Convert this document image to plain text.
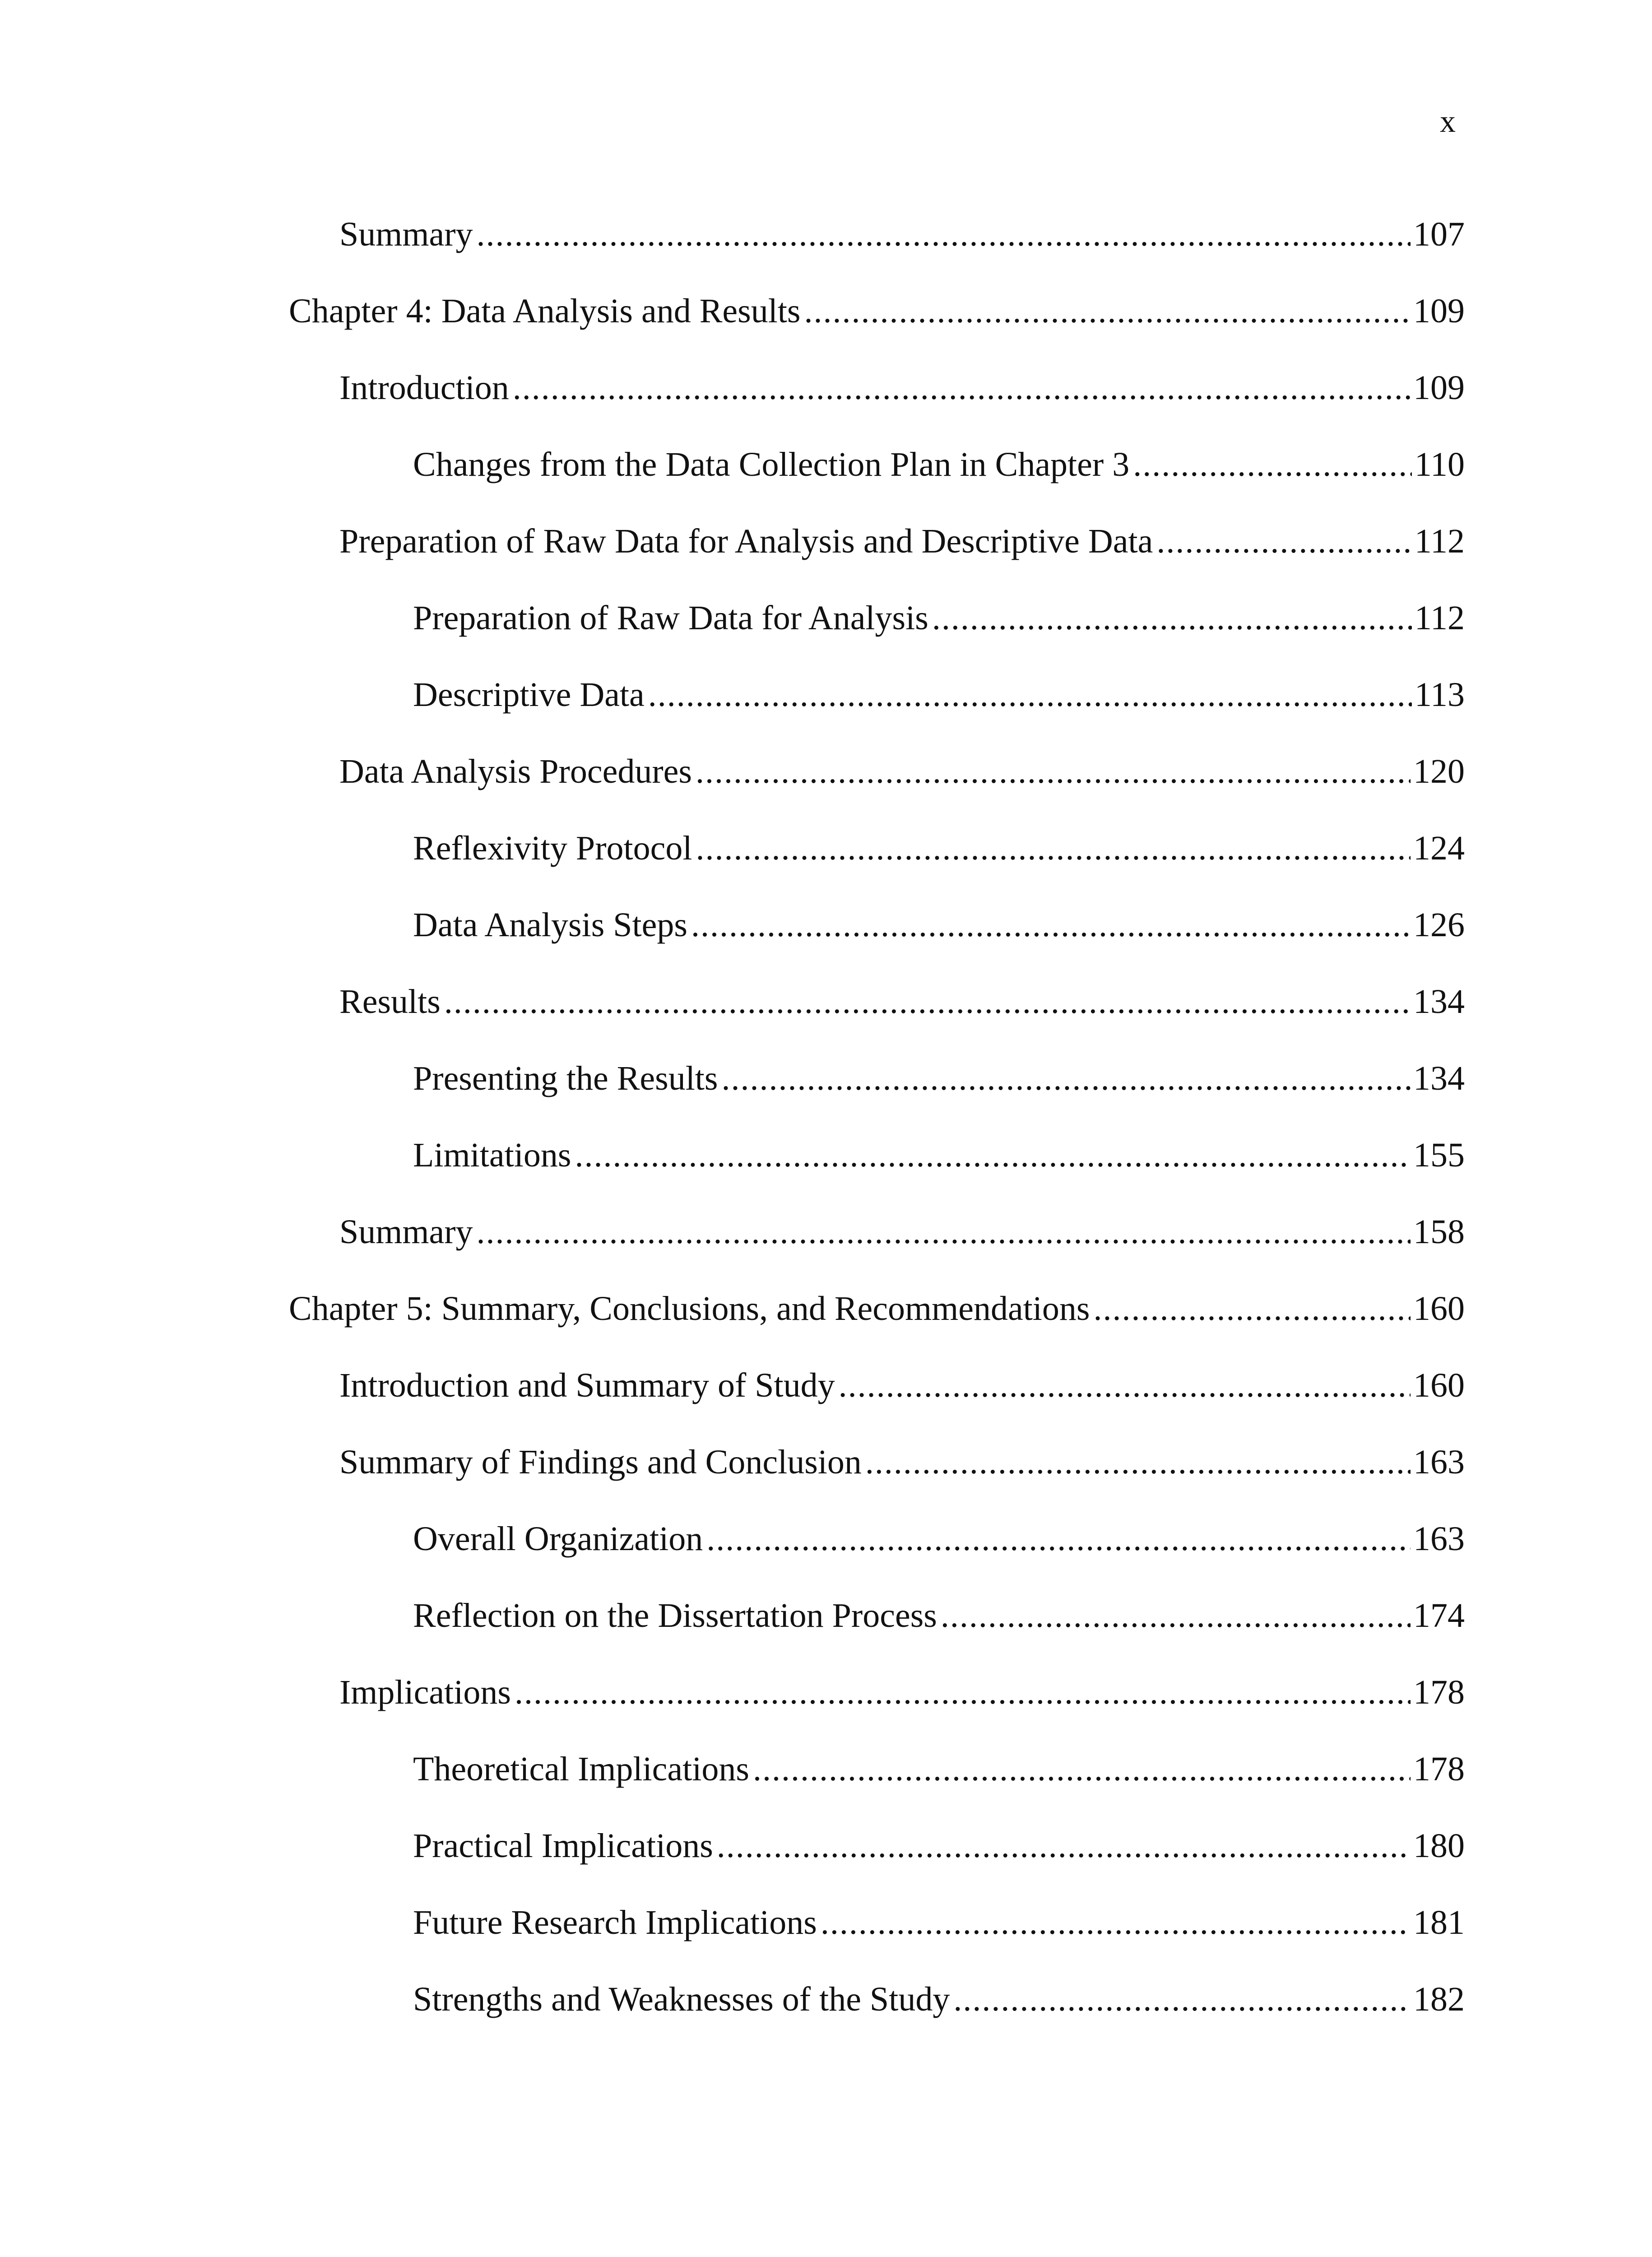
x
Summary .....	107
Chapter 4: Data Analysis and Results .....	109
Introduction .....	109
Changes from the Data Collection Plan in Chapter 3 .....	110
Preparation of Raw Data for Analysis and Descriptive Data .....	112
Preparation of Raw Data for Analysis .....	112
Descriptive Data .....	113
Data Analysis Procedures .....	120
Reflexivity Protocol .....	124
Data Analysis Steps .....	126
Results .....	134
Presenting the Results .....	134
Limitations .....	155
Summary .....	158
Chapter 5: Summary, Conclusions, and Recommendations .....	160
Introduction and Summary of Study .....	160
Summary of Findings and Conclusion .....	163
Overall Organization .....	163
Reflection on the Dissertation Process .....	174
Implications .....	178
Theoretical Implications .....	178
Practical Implications .....	180
Future Research Implications .....	181
Strengths and Weaknesses of the Study .....	182
